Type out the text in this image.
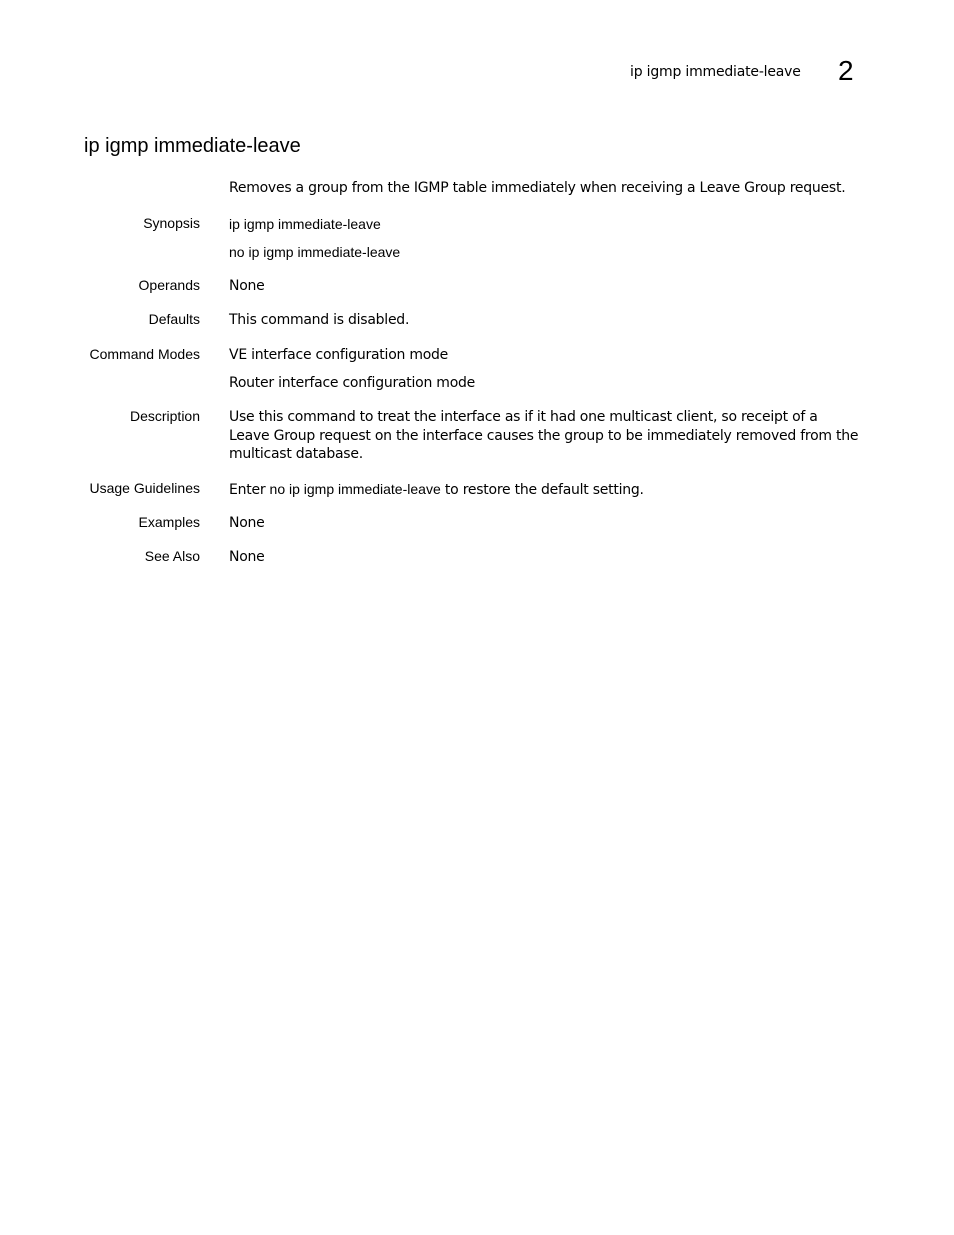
ip igmp immediate-leave 2
ip igmp immediate-leave
Removes a group from the IGMP table immediately when receiving a Leave Group request.
Synopsis ip igmp immediate-leave

no ip igmp immediate-leave

Operands None

Defaults This command is disabled.

Command Modes VE interface configuration mode

Router interface configuration mode

Description Use this command to treat the interface as if it had one multicast client, so receipt of a Leave Group request on the interface causes the group to be immediately removed from the multicast database.

Usage Guidelines Enter no ip igmp immediate-leave to restore the default setting.

Examples None

See Also None
